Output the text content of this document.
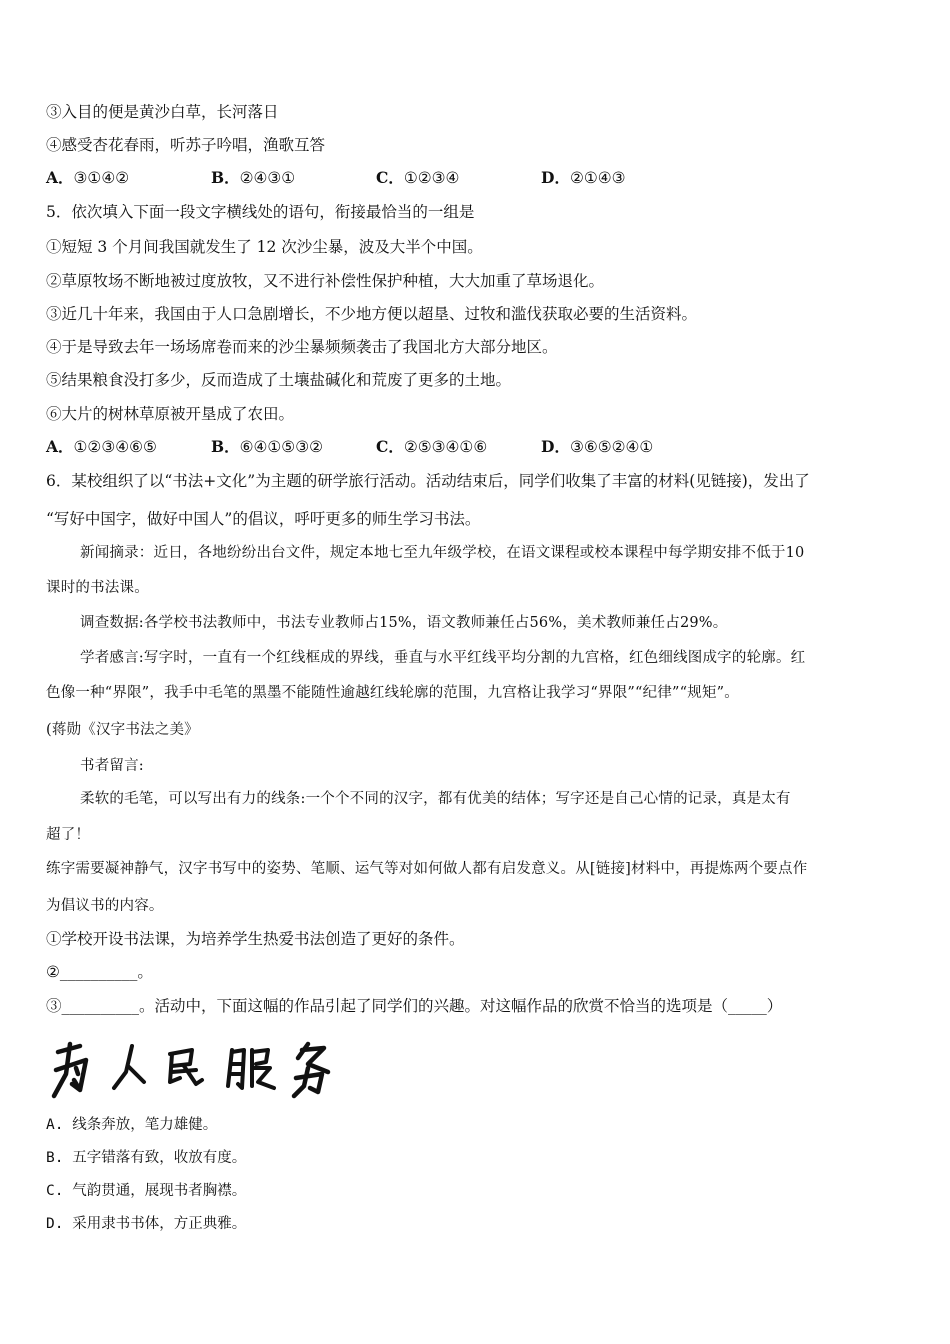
③入目的便是黄沙白草，长河落日
④感受杏花春雨，听苏子吟唱，渔歌互答
A．③①④②	B．②④③①	C．①②③④	D．②①④③
5．依次填入下面一段文字横线处的语句，衔接最恰当的一组是
①短短 3 个月间我国就发生了 12 次沙尘暴，波及大半个中国。
②草原牧场不断地被过度放牧，又不进行补偿性保护种植，大大加重了草场退化。
③近几十年来，我国由于人口急剧增长，不少地方便以超垦、过牧和滥伐获取必要的生活资料。
④于是导致去年一场场席卷而来的沙尘暴频频袭击了我国北方大部分地区。
⑤结果粮食没打多少，反而造成了土壤盐碱化和荒废了更多的土地。
⑥大片的树林草原被开垦成了农田。
A．①②③④⑥⑤	B．⑥④①⑤③②	C．②⑤③④①⑥	D．③⑥⑤②④①
6．某校组织了以“书法+文化”为主题的研学旅行活动。活动结束后，同学们收集了丰富的材料(见链接)，发出了
“写好中国字，做好中国人”的倡议，呼吁更多的师生学习书法。
新闻摘录：近日，各地纷纷出台文件，规定本地七至九年级学校，在语文课程或校本课程中每学期安排不低于10
课时的书法课。
调查数据:各学校书法教师中，书法专业教师占15%，语文教师兼任占56%，美术教师兼任占29%。
学者感言:写字时，一直有一个红线框成的界线，垂直与水平红线平均分割的九宫格，红色细线图成字的轮廓。红
色像一种“界限”，我手中毛笔的黑墨不能随性逾越红线轮廓的范围，九宫格让我学习“界限”“纪律”“规矩”。
(蒋勋《汉字书法之美》
书者留言:
柔软的毛笔，可以写出有力的线条:一个个不同的汉字，都有优美的结体；写字还是自己心情的记录，真是太有
超了！
练字需要凝神静气，汉字书写中的姿势、笔顺、运气等对如何做人都有启发意义。从[链接]材料中，再提炼两个要点作
为倡议书的内容。
①学校开设书法课，为培养学生热爱书法创造了更好的条件。
②__________。
③__________。活动中，下面这幅的作品引起了同学们的兴趣。对这幅作品的欣赏不恰当的选项是（_____）
A. 线条奔放，笔力雄健。
B. 五字错落有致，收放有度。
C. 气韵贯通，展现书者胸襟。
D. 采用隶书书体，方正典雅。
